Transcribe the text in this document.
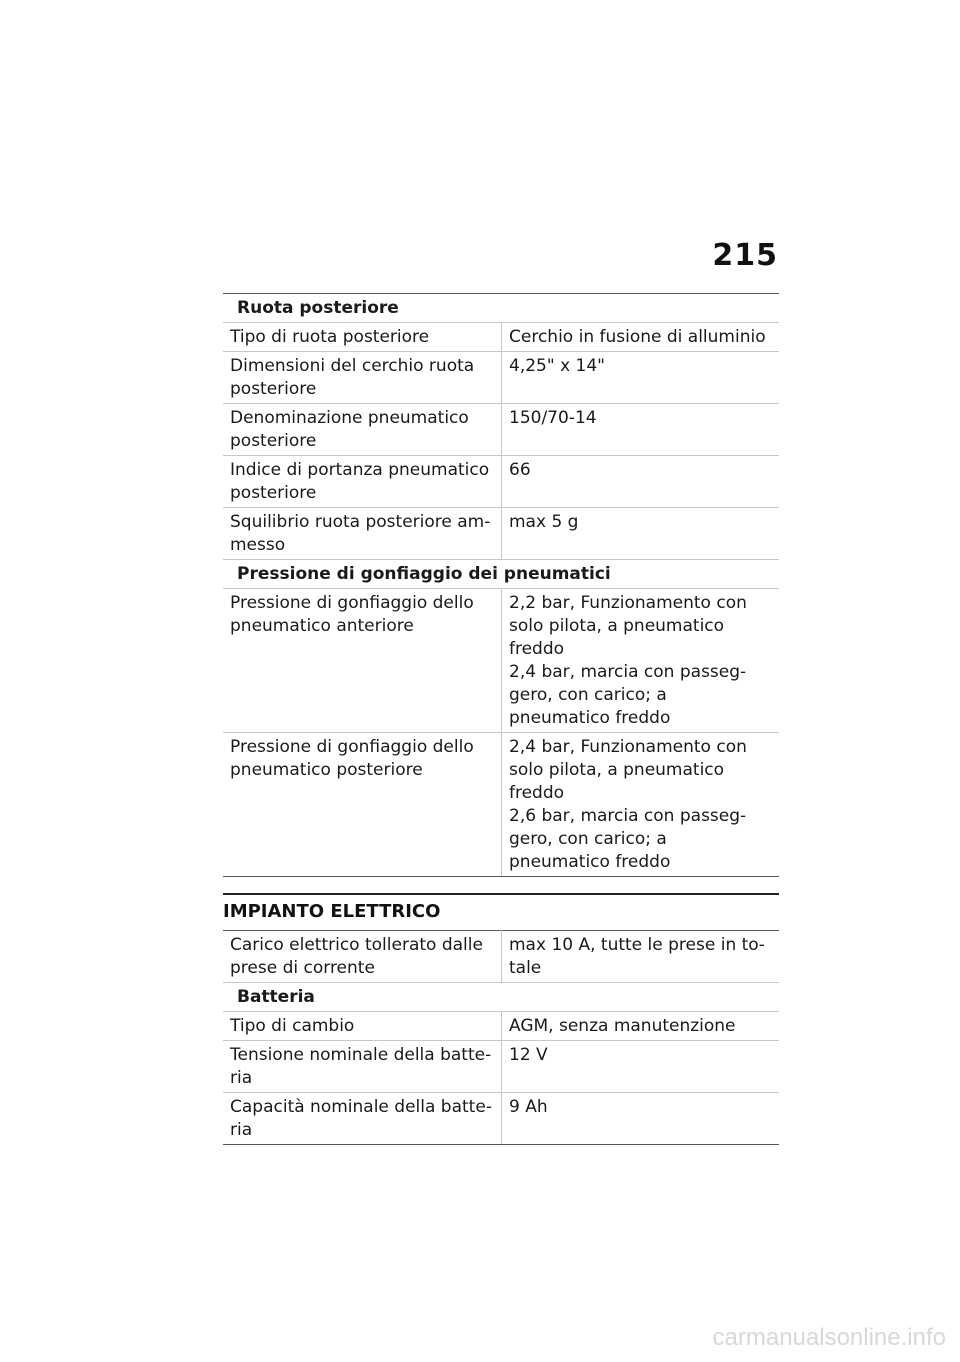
215
Ruota posteriore	
Tipo di ruota posteriore	Cerchio in fusione di alluminio

Dimensioni del cerchio ruota posteriore	4,25" x 14"

Denominazione pneumatico posteriore	150/70-14

Indice di portanza pneumatico posteriore	66

Squilibrio ruota posteriore ammesso	max 5 g

Pressione di gonfiaggio dei pneumatici	
Pressione di gonfiaggio dello pneumatico anteriore	2,2 bar, Funzionamento con solo pilota, a pneumatico freddo
2,4 bar, marcia con passeggero, con carico; a pneumatico freddo

Pressione di gonfiaggio dello pneumatico posteriore	2,4 bar, Funzionamento con solo pilota, a pneumatico freddo
2,6 bar, marcia con passeggero, con carico; a pneumatico freddo
IMPIANTO ELETTRICO
Carico elettrico tollerato dalle prese di corrente	max 10 A, tutte le prese in totale

Batteria	
Tipo di cambio	AGM, senza manutenzione

Tensione nominale della batteria	12 V

Capacità nominale della batteria	9 Ah
carmanualsonline.info
